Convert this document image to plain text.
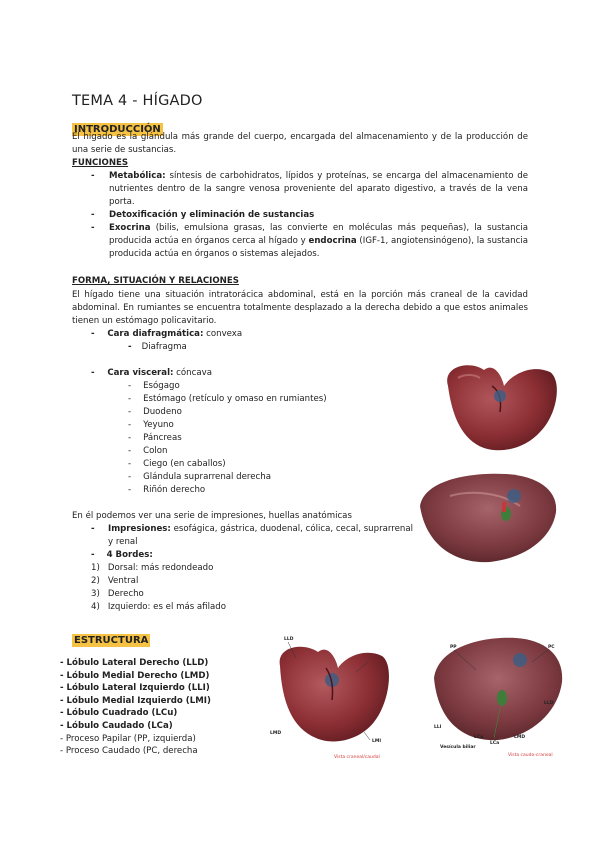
TEMA 4 - HÍGADO
INTRODUCCIÓN
El hígado es la glándula más grande del cuerpo, encargada del almacenamiento y de la producción de una serie de sustancias.
FUNCIONES
- Metabólica: síntesis de carbohidratos, lípidos y proteínas, se encarga del almacenamiento de nutrientes dentro de la sangre venosa proveniente del aparato digestivo, a través de la vena porta.
- Detoxificación y eliminación de sustancias
- Exocrina (bilis, emulsiona grasas, las convierte en moléculas más pequeñas), la sustancia producida actúa en órganos cerca al hígado y endocrina (IGF-1, angiotensinógeno), la sustancia producida actúa en órganos o sistemas alejados.
FORMA, SITUACIÓN Y RELACIONES
El hígado tiene una situación intratorácica abdominal, está en la porción más craneal de la cavidad abdominal. En rumiantes se encuentra totalmente desplazado a la derecha debido a que estos animales tienen un estómago policavitario.
- Cara diafragmática: convexa
- Diafragma
- Cara visceral: cóncava
- Esógago
- Estómago (retículo y omaso en rumiantes)
- Duodeno
- Yeyuno
- Páncreas
- Colon
- Ciego (en caballos)
- Glándula suprarrenal derecha
- Riñón derecho
En él podemos ver una serie de impresiones, huellas anatómicas
- Impresiones: esofágica, gástrica, duodenal, cólica, cecal, suprarrenal y renal
- 4 Bordes:
1) Dorsal: más redondeado
2) Ventral
3) Derecho
4) Izquierdo: es el más afilado
ESTRUCTURA
- Lóbulo Lateral Derecho (LLD)
- Lóbulo Medial Derecho (LMD)
- Lóbulo Lateral Izquierdo (LLI)
- Lóbulo Medial Izquierdo (LMI)
- Lóbulo Cuadrado (LCu)
- Lóbulo Caudado (LCa)
- Proceso Papilar (PP, izquierda)
- Proceso Caudado (PC, derecha
LLD
LMD
LMI
Vista craneal/caudal
PP	PC
LLD
LLI
LCa
LMD
LCu
Vesícula biliar
Vista caudo-craneal
